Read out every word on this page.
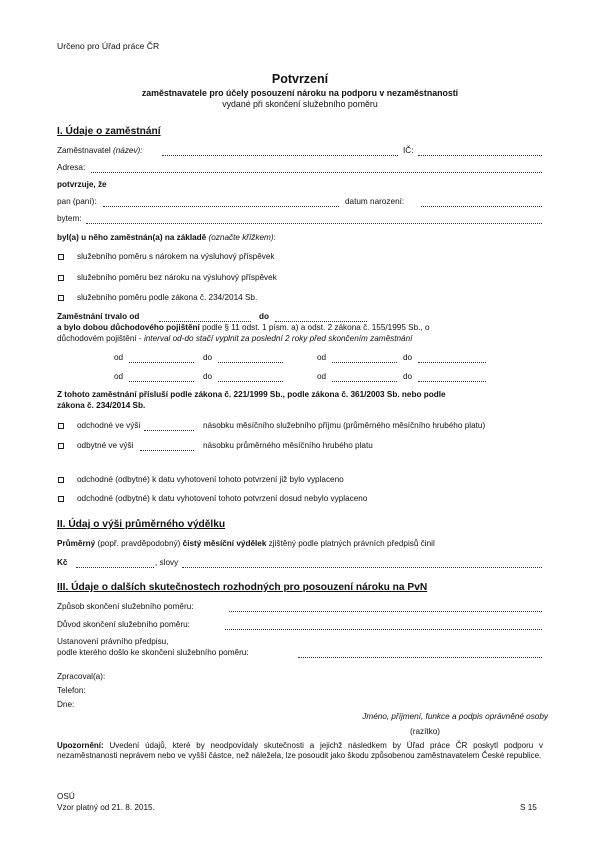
Určeno pro Úřad práce ČR
Potvrzení
zaměstnavatele pro účely posouzení nároku na podporu v nezaměstnanosti
vydané při skončení služebního poměru
I. Údaje o zaměstnání
Zaměstnavatel (název):	IČ:
Adresa:
potvrzuje, že
pan (paní):	datum narození:
bytem:
byl(a) u něho zaměstnán(a) na základě (označte křížkem):
služebního poměru s nárokem na výsluhový příspěvek
služebního poměru bez nároku na výsluhový příspěvek
služebního poměru podle zákona č. 234/2014 Sb.
Zaměstnání trvalo od	do
a bylo dobou důchodového pojištění podle § 11 odst. 1 písm. a) a odst. 2 zákona č. 155/1995 Sb., o
důchodovém pojištění - interval od-do stačí vyplnit za poslední 2 roky před skončením zaměstnání
od	do	od	do
od	do	od	do
Z tohoto zaměstnání přísluší podle zákona č. 221/1999 Sb., podle zákona č. 361/2003 Sb. nebo podle
zákona č. 234/2014 Sb.
odchodné ve výši	násobku měsíčního služebního příjmu (průměrného měsíčního hrubého platu)
odbytné ve výši	násobku průměrného měsíčního hrubého platu
odchodné (odbytné) k datu vyhotovení tohoto potvrzení již bylo vyplaceno
odchodné (odbytné) k datu vyhotovení tohoto potvrzení dosud nebylo vyplaceno
II. Údaj o výši průměrného výdělku
Průměrný (popř. pravděpodobný) čistý měsíční výdělek zjištěný podle platných právních předpisů činil
Kč	, slovy
III. Údaje o dalších skutečnostech rozhodných pro posouzení nároku na PvN
Způsob skončení služebního poměru:
Důvod skončení služebního poměru:
Ustanovení právního předpisu,
podle kterého došlo ke skončení služebního poměru:
Zpracoval(a):
Telefon:
Dne:
Jméno, příjmení, funkce a podpis oprávněné osoby
(razítko)
Upozornění: Uvedení údajů, které by neodpovídaly skutečnosti a jejichž následkem by Úřad práce ČR poskytl podporu v nezaměstnanosti neprávem nebo ve vyšší částce, než náležela, lze posoudit jako škodu způsobenou zaměstnavatelem České republice.
OSÚ
Vzor platný od 21. 8. 2015.	S 15
